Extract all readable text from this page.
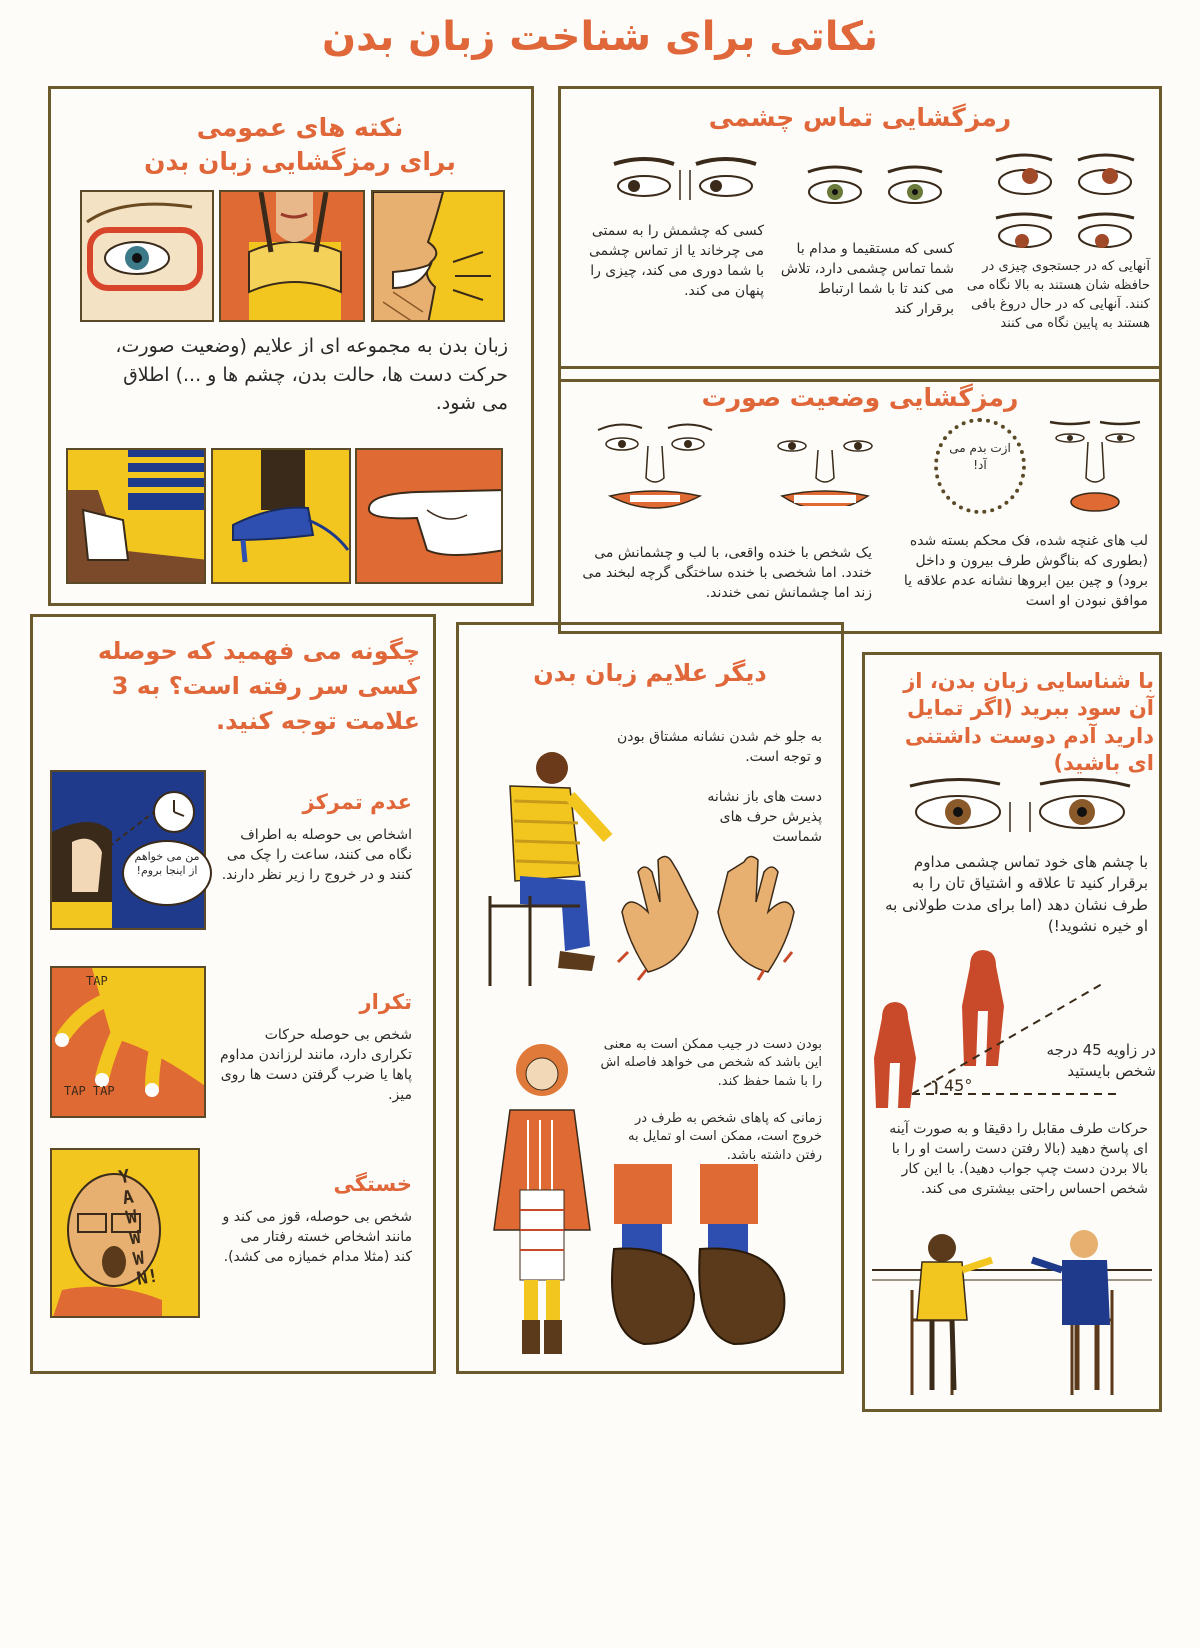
نکاتی برای شناخت زبان بدن
نکته های عمومی
برای رمزگشایی زبان بدن
زبان بدن به مجموعه ای از علایم (وضعیت صورت، حرکت دست ها، حالت بدن، چشم ها و ...) اطلاق می شود.
رمزگشایی تماس چشمی
آنهایی که در جستجوی چیزی در حافظه شان هستند به بالا نگاه می کنند. آنهایی که در حال دروغ بافی هستند به پایین نگاه می کنند
کسی که مستقیما و مدام با شما تماس چشمی دارد، تلاش می کند تا با شما ارتباط برقرار کند
کسی که چشمش را به سمتی می چرخاند یا از تماس چشمی با شما دوری می کند، چیزی را پنهان می کند.
رمزگشایی وضعیت صورت
ازت بدم می آد!
لب های غنچه شده، فک محکم بسته شده (بطوری که بناگوش طرف بیرون و داخل برود) و چین بین ابروها نشانه عدم علاقه یا موافق نبودن او است
یک شخص با خنده واقعی، با لب و چشمانش می خندد. اما شخصی با خنده ساختگی گرچه لبخند می زند اما چشمانش نمی خندند.
با شناسایی زبان بدن، از آن سود ببرید (اگر تمایل دارید آدم دوست داشتنی ای باشید)
با چشم های خود تماس چشمی مداوم برقرار کنید تا علاقه و اشتیاق تان را به طرف نشان دهد (اما برای مدت طولانی به او خیره نشوید!)
45°
در زاویه 45 درجه شخص بایستید
حرکات طرف مقابل را دقیقا و به صورت آینه ای پاسخ دهید (بالا رفتن دست راست او را با بالا بردن دست چپ جواب دهید). با این کار شخص احساس راحتی بیشتری می کند.
دیگر علایم زبان بدن
به جلو خم شدن نشانه مشتاق بودن و توجه است.
دست های باز نشانه پذیرش حرف های شماست
بودن دست در جیب ممکن است به معنی این باشد که شخص می خواهد فاصله اش را با شما حفظ کند.
زمانی که پاهای شخص به طرف در خروج است، ممکن است او تمایل به رفتن داشته باشد.
چگونه می فهمید که حوصله کسی سر رفته است؟ به 3 علامت توجه کنید.
من می خواهم از اینجا بروم!
عدم تمرکز
اشخاص بی حوصله به اطراف نگاه می کنند، ساعت را چک می کنند و در خروج را زیر نظر دارند.
TAP
TAP TAP
تکرار
شخص بی حوصله حرکات تکراری دارد، مانند لرزاندن مداوم پاها یا ضرب گرفتن دست ها روی میز.
YAWWWN!
خستگی
شخص بی حوصله، قوز می کند و مانند اشخاص خسته رفتار می کند (مثلا مدام خمیازه می کشد).
